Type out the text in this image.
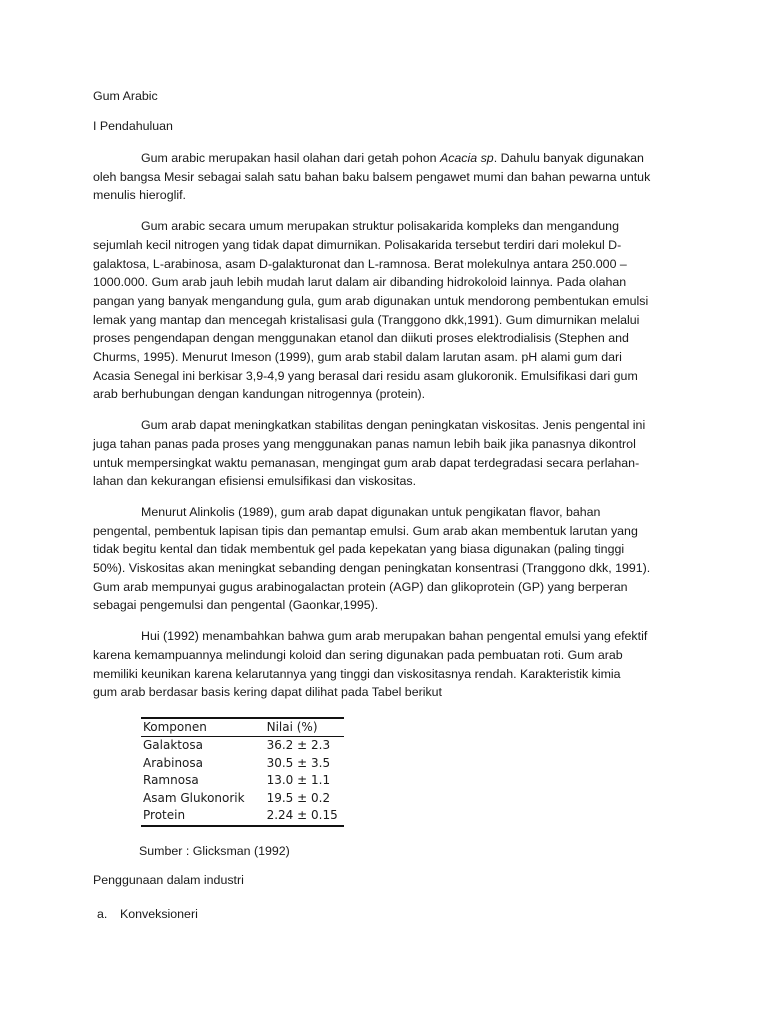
Gum Arabic
I Pendahuluan
Gum arabic merupakan hasil olahan dari getah pohon Acacia sp. Dahulu banyak digunakan
oleh bangsa Mesir sebagai salah satu bahan baku balsem pengawet mumi dan bahan pewarna untuk
menulis hieroglif.
Gum arabic secara umum merupakan struktur polisakarida kompleks dan mengandung
sejumlah kecil nitrogen yang tidak dapat dimurnikan. Polisakarida tersebut terdiri dari molekul D-
galaktosa, L-arabinosa, asam D-galakturonat dan L-ramnosa. Berat molekulnya antara 250.000 –
1000.000. Gum arab jauh lebih mudah larut dalam air dibanding hidrokoloid lainnya. Pada olahan
pangan yang banyak mengandung gula, gum arab digunakan untuk mendorong pembentukan emulsi
lemak yang mantap dan mencegah kristalisasi gula (Tranggono dkk,1991). Gum dimurnikan melalui
proses pengendapan dengan menggunakan etanol dan diikuti proses elektrodialisis (Stephen and
Churms, 1995). Menurut Imeson (1999), gum arab stabil dalam larutan asam. pH alami gum dari
Acasia Senegal ini berkisar 3,9-4,9 yang berasal dari residu asam glukoronik. Emulsifikasi dari gum
arab berhubungan dengan kandungan nitrogennya (protein).
Gum arab dapat meningkatkan stabilitas dengan peningkatan viskositas. Jenis pengental ini
juga tahan panas pada proses yang menggunakan panas namun lebih baik jika panasnya dikontrol
untuk mempersingkat waktu pemanasan, mengingat gum arab dapat terdegradasi secara perlahan-
lahan dan kekurangan efisiensi emulsifikasi dan viskositas.
Menurut Alinkolis (1989), gum arab dapat digunakan untuk pengikatan flavor, bahan
pengental, pembentuk lapisan tipis dan pemantap emulsi. Gum arab akan membentuk larutan yang
tidak begitu kental dan tidak membentuk gel pada kepekatan yang biasa digunakan (paling tinggi
50%). Viskositas akan meningkat sebanding dengan peningkatan konsentrasi (Tranggono dkk, 1991).
Gum arab mempunyai gugus arabinogalactan protein (AGP) dan glikoprotein (GP) yang berperan
sebagai pengemulsi dan pengental (Gaonkar,1995).
Hui (1992) menambahkan bahwa gum arab merupakan bahan pengental emulsi yang efektif
karena kemampuannya melindungi koloid dan sering digunakan pada pembuatan roti. Gum arab
memiliki keunikan karena kelarutannya yang tinggi dan viskositasnya rendah. Karakteristik kimia
gum arab berdasar basis kering dapat dilihat pada Tabel berikut
Komponen	Nilai (%)
Galaktosa	36.2 ± 2.3
Arabinosa	30.5 ± 3.5
Ramnosa	13.0 ± 1.1
Asam Glukonorik	19.5 ± 0.2
Protein	2.24 ± 0.15
Sumber : Glicksman (1992)
Penggunaan dalam industri
a. Konveksioneri
